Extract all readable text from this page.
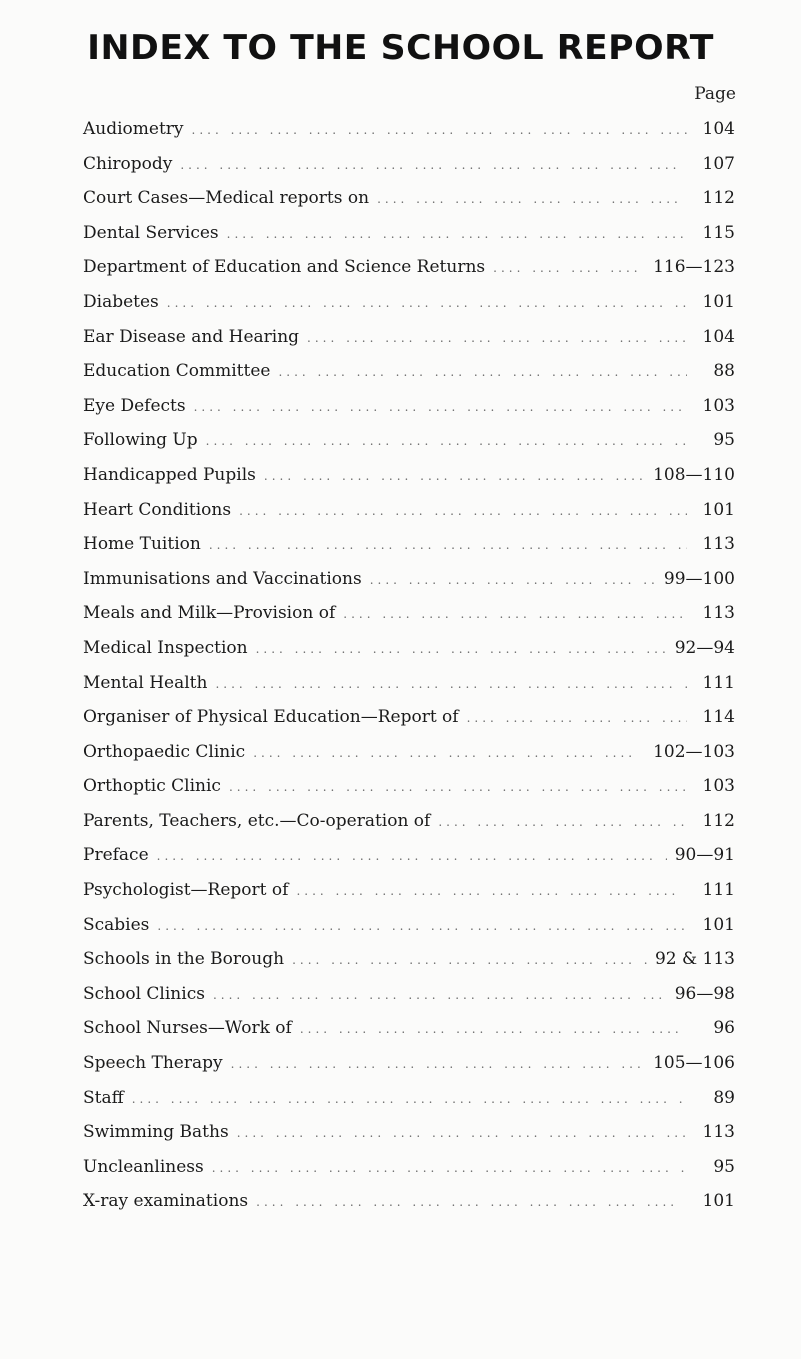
INDEX TO THE SCHOOL REPORT
Page
Audiometry ....	104
Chiropody ....	107
Court Cases—Medical reports on ....	112
Dental Services ....	115
Department of Education and Science Returns ....	116—123
Diabetes ....	101
Ear Disease and Hearing ....	104
Education Committee ....	88
Eye Defects ....	103
Following Up ....	95
Handicapped Pupils ....	108—110
Heart Conditions ....	101
Home Tuition ....	113
Immunisations and Vaccinations ....	99—100
Meals and Milk—Provision of ....	113
Medical Inspection ....	92—94
Mental Health ....	111
Organiser of Physical Education—Report of ....	114
Orthopaedic Clinic ....	102—103
Orthoptic Clinic ....	103
Parents, Teachers, etc.—Co-operation of ....	112
Preface ....	90—91
Psychologist—Report of ....	111
Scabies ....	101
Schools in the Borough ....	92 & 113
School Clinics ....	96—98
School Nurses—Work of ....	96
Speech Therapy ....	105—106
Staff ....	89
Swimming Baths ....	113
Uncleanliness ....	95
X-ray examinations ....	101
